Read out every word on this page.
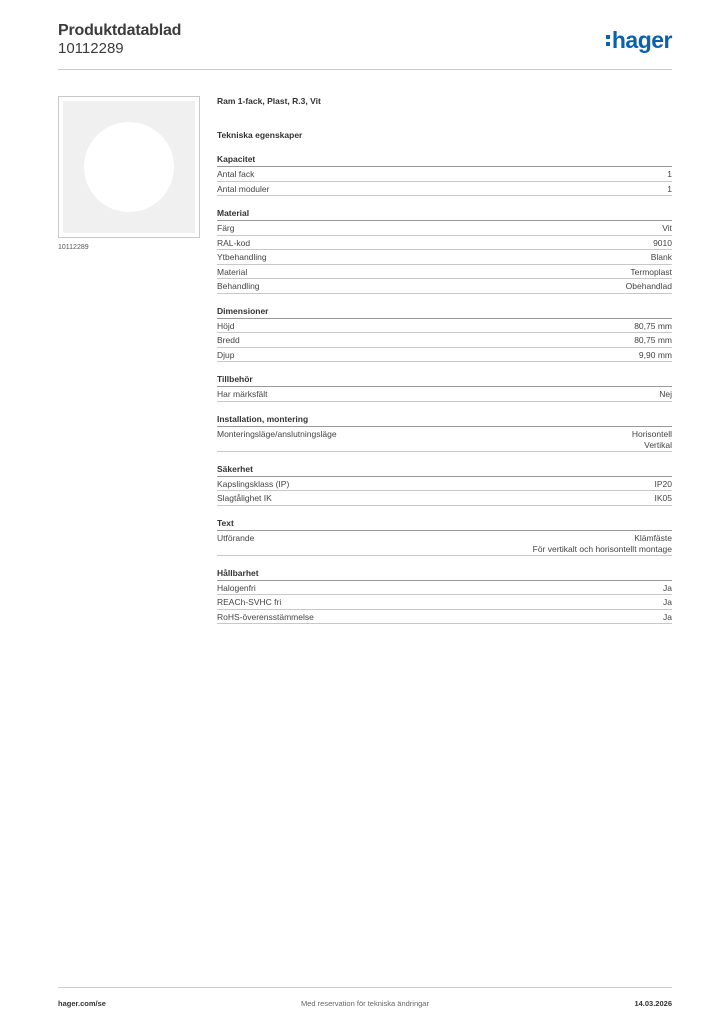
Produktdatablad
10112289	hager
10112289
Ram 1-fack, Plast, R.3, Vit
Tekniska egenskaper
Kapacitet
Antal fack	1
Antal moduler	1
Material
Färg	Vit
RAL-kod	9010
Ytbehandling	Blank
Material	Termoplast
Behandling	Obehandlad
Dimensioner
Höjd	80,75 mm
Bredd	80,75 mm
Djup	9,90 mm
Tillbehör
Har märksfält	Nej
Installation, montering
Monteringsläge/anslutningsläge	Horisontell
Vertikal
Säkerhet
Kapslingsklass (IP)	IP20
Slagtålighet IK	IK05
Text
Utförande	Klämfäste
För vertikalt och horisontellt montage
Hållbarhet
Halogenfri	Ja
REACh-SVHC fri	Ja
RoHS-överensstämmelse	Ja
hager.com/se	Med reservation för tekniska ändringar	14.03.2026
